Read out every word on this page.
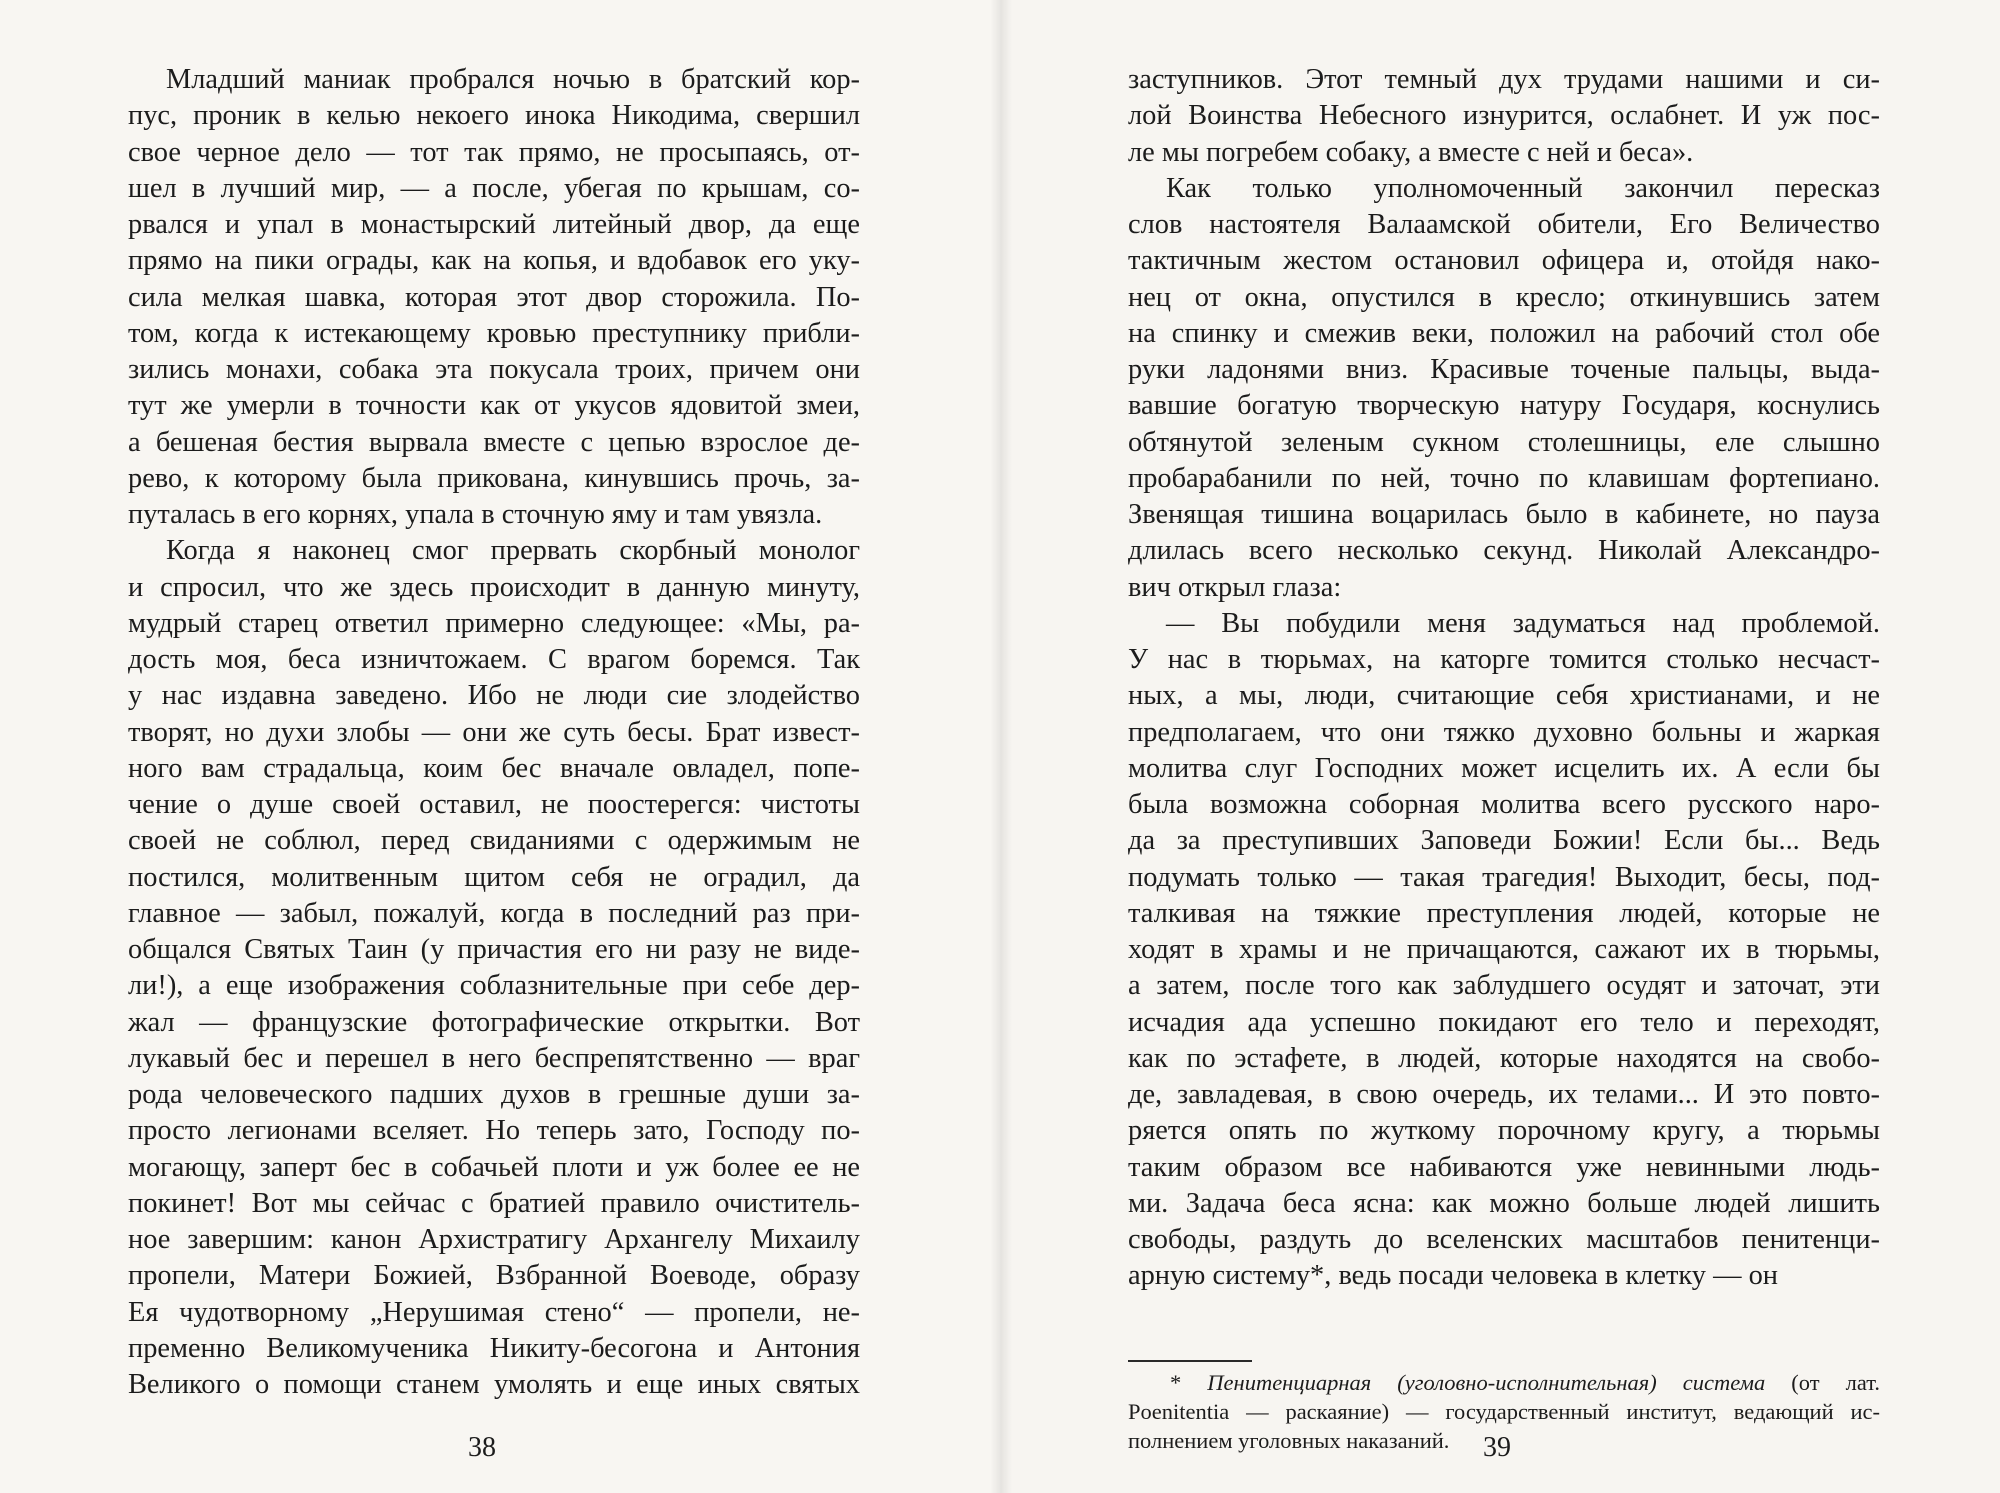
Младший маниак пробрался ночью в братский кор-
пус, проник в келью некоего инока Никодима, свершил
свое черное дело — тот так прямо, не просыпаясь, от-
шел в лучший мир, — а после, убегая по крышам, со-
рвался и упал в монастырский литейный двор, да еще
прямо на пики ограды, как на копья, и вдобавок его уку-
сила мелкая шавка, которая этот двор сторожила. По-
том, когда к истекающему кровью преступнику прибли-
зились монахи, собака эта покусала троих, причем они
тут же умерли в точности как от укусов ядовитой змеи,
а бешеная бестия вырвала вместе с цепью взрослое де-
рево, к которому была прикована, кинувшись прочь, за-
путалась в его корнях, упала в сточную яму и там увязла.
Когда я наконец смог прервать скорбный монолог
и спросил, что же здесь происходит в данную минуту,
мудрый старец ответил примерно следующее: «Мы, ра-
дость моя, беса изничтожаем. С врагом боремся. Так
у нас издавна заведено. Ибо не люди сие злодейство
творят, но духи злобы — они же суть бесы. Брат извест-
ного вам страдальца, коим бес вначале овладел, попе-
чение о душе своей оставил, не поостерегся: чистоты
своей не соблюл, перед свиданиями с одержимым не
постился, молитвенным щитом себя не оградил, да
главное — забыл, пожалуй, когда в последний раз при-
общался Святых Таин (у причастия его ни разу не виде-
ли!), а еще изображения соблазнительные при себе дер-
жал — французские фотографические открытки. Вот
лукавый бес и перешел в него беспрепятственно — враг
рода человеческого падших духов в грешные души за-
просто легионами вселяет. Но теперь зато, Господу по-
могающу, заперт бес в собачьей плоти и уж более ее не
покинет! Вот мы сейчас с братией правило очиститель-
ное завершим: канон Архистратигу Архангелу Михаилу
пропели, Матери Божией, Взбранной Воеводе, образу
Ея чудотворному „Нерушимая стено“ — пропели, не-
пременно Великомученика Никиту-бесогона и Антония
Великого о помощи станем умолять и еще иных святых
38
заступников. Этот темный дух трудами нашими и си-
лой Воинства Небесного изнурится, ослабнет. И уж пос-
ле мы погребем собаку, а вместе с ней и беса».
Как только уполномоченный закончил пересказ
слов настоятеля Валаамской обители, Его Величество
тактичным жестом остановил офицера и, отойдя нако-
нец от окна, опустился в кресло; откинувшись затем
на спинку и смежив веки, положил на рабочий стол обе
руки ладонями вниз. Красивые точеные пальцы, выда-
вавшие богатую творческую натуру Государя, коснулись
обтянутой зеленым сукном столешницы, еле слышно
пробарабанили по ней, точно по клавишам фортепиано.
Звенящая тишина воцарилась было в кабинете, но пауза
длилась всего несколько секунд. Николай Александро-
вич открыл глаза:
— Вы побудили меня задуматься над проблемой.
У нас в тюрьмах, на каторге томится столько несчаст-
ных, а мы, люди, считающие себя христианами, и не
предполагаем, что они тяжко духовно больны и жаркая
молитва слуг Господних может исцелить их. А если бы
была возможна соборная молитва всего русского наро-
да за преступивших Заповеди Божии! Если бы... Ведь
подумать только — такая трагедия! Выходит, бесы, под-
талкивая на тяжкие преступления людей, которые не
ходят в храмы и не причащаются, сажают их в тюрьмы,
а затем, после того как заблудшего осудят и заточат, эти
исчадия ада успешно покидают его тело и переходят,
как по эстафете, в людей, которые находятся на свобо-
де, завладевая, в свою очередь, их телами... И это повто-
ряется опять по жуткому порочному кругу, а тюрьмы
таким образом все набиваются уже невинными людь-
ми. Задача беса ясна: как можно больше людей лишить
свободы, раздуть до вселенских масштабов пенитенци-
арную систему*, ведь посади человека в клетку — он
* Пенитенциарная (уголовно-исполнительная) система (от лат.
Poenitentia — раскаяние) — государственный институт, ведающий ис-
полнением уголовных наказаний.	39
